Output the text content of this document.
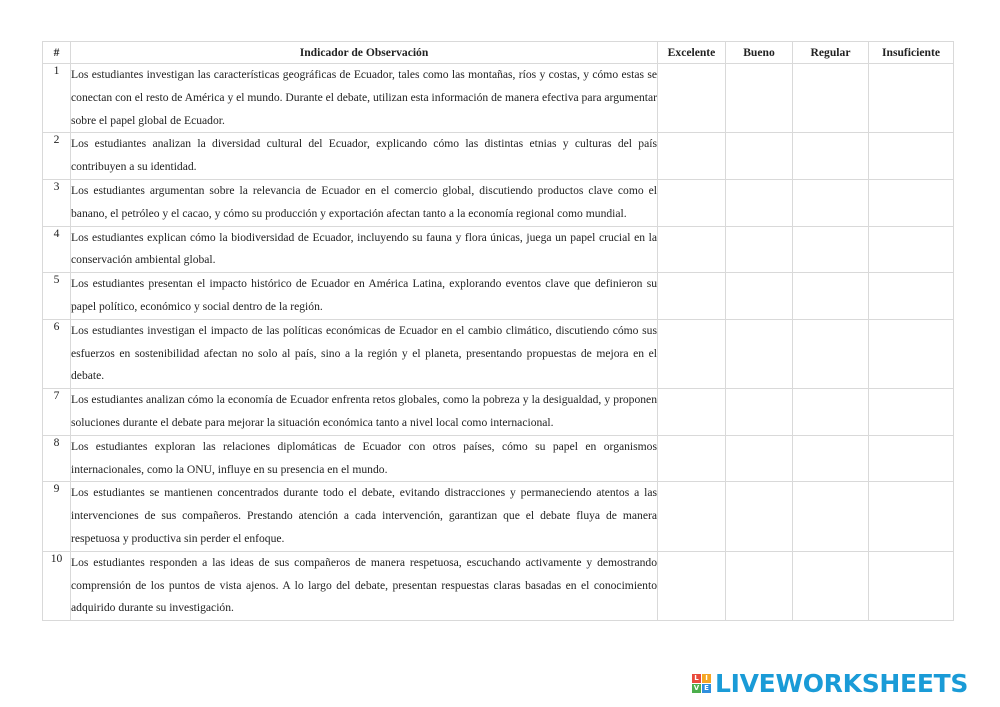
#	Indicador de Observación	Excelente	Bueno	Regular	Insuficiente
1	Los estudiantes investigan las características geográficas de Ecuador, tales como las montañas, ríos y costas, y cómo estas se conectan con el resto de América y el mundo. Durante el debate, utilizan esta información de manera efectiva para argumentar sobre el papel global de Ecuador.				
2	Los estudiantes analizan la diversidad cultural del Ecuador, explicando cómo las distintas etnias y culturas del país contribuyen a su identidad.				
3	Los estudiantes argumentan sobre la relevancia de Ecuador en el comercio global, discutiendo productos clave como el banano, el petróleo y el cacao, y cómo su producción y exportación afectan tanto a la economía regional como mundial.				
4	Los estudiantes explican cómo la biodiversidad de Ecuador, incluyendo su fauna y flora únicas, juega un papel crucial en la conservación ambiental global.				
5	Los estudiantes presentan el impacto histórico de Ecuador en América Latina, explorando eventos clave que definieron su papel político, económico y social dentro de la región.				
6	Los estudiantes investigan el impacto de las políticas económicas de Ecuador en el cambio climático, discutiendo cómo sus esfuerzos en sostenibilidad afectan no solo al país, sino a la región y el planeta, presentando propuestas de mejora en el debate.				
7	Los estudiantes analizan cómo la economía de Ecuador enfrenta retos globales, como la pobreza y la desigualdad, y proponen soluciones durante el debate para mejorar la situación económica tanto a nivel local como internacional.				
8	Los estudiantes exploran las relaciones diplomáticas de Ecuador con otros países, cómo su papel en organismos internacionales, como la ONU, influye en su presencia en el mundo.				
9	Los estudiantes se mantienen concentrados durante todo el debate, evitando distracciones y permaneciendo atentos a las intervenciones de sus compañeros. Prestando atención a cada intervención, garantizan que el debate fluya de manera respetuosa y productiva sin perder el enfoque.				
10	Los estudiantes responden a las ideas de sus compañeros de manera respetuosa, escuchando activamente y demostrando comprensión de los puntos de vista ajenos. A lo largo del debate, presentan respuestas claras basadas en el conocimiento adquirido durante su investigación.				
L I
V E LIVEWORKSHEETS
